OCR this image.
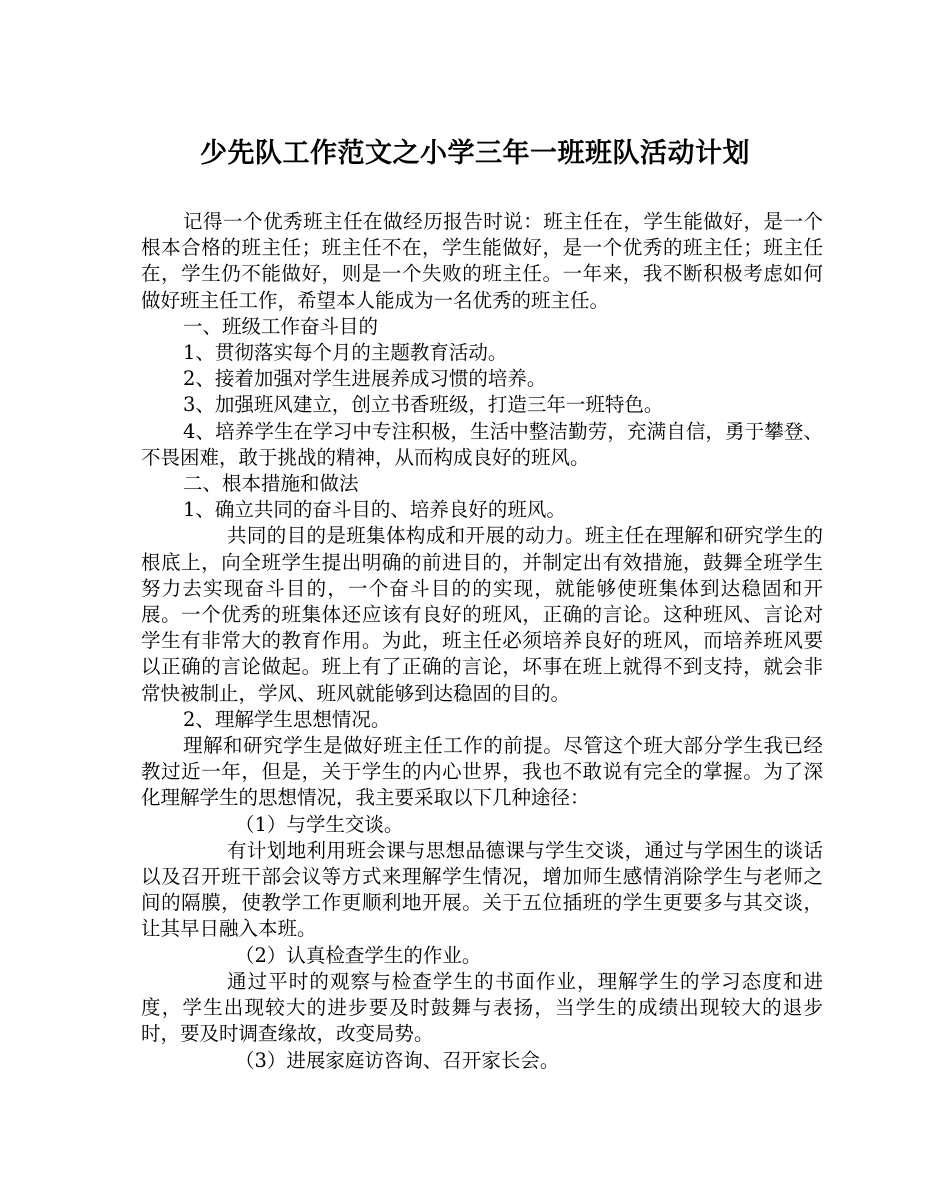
少先队工作范文之小学三年一班班队活动计划

记得一个优秀班主任在做经历报告时说：班主任在，学生能做好，是一个根本合格的班主任；班主任不在，学生能做好，是一个优秀的班主任；班主任在，学生仍不能做好，则是一个失败的班主任。一年来，我不断积极考虑如何做好班主任工作，希望本人能成为一名优秀的班主任。

一、班级工作奋斗目的

1、贯彻落实每个月的主题教育活动。

2、接着加强对学生进展养成习惯的培养。

3、加强班风建立，创立书香班级，打造三年一班特色。

4、培养学生在学习中专注积极，生活中整洁勤劳，充满自信，勇于攀登、不畏困难，敢于挑战的精神，从而构成良好的班风。

二、根本措施和做法

1、确立共同的奋斗目的、培养良好的班风。

共同的目的是班集体构成和开展的动力。班主任在理解和研究学生的根底上，向全班学生提出明确的前进目的，并制定出有效措施，鼓舞全班学生努力去实现奋斗目的，一个奋斗目的的实现，就能够使班集体到达稳固和开展。一个优秀的班集体还应该有良好的班风，正确的言论。这种班风、言论对学生有非常大的教育作用。为此，班主任必须培养良好的班风，而培养班风要以正确的言论做起。班上有了正确的言论，坏事在班上就得不到支持，就会非常快被制止，学风、班风就能够到达稳固的目的。

2、理解学生思想情况。

理解和研究学生是做好班主任工作的前提。尽管这个班大部分学生我已经教过近一年，但是，关于学生的内心世界，我也不敢说有完全的掌握。为了深化理解学生的思想情况，我主要采取以下几种途径：

（1）与学生交谈。

有计划地利用班会课与思想品德课与学生交谈，通过与学困生的谈话以及召开班干部会议等方式来理解学生情况，增加师生感情消除学生与老师之间的隔膜，使教学工作更顺利地开展。关于五位插班的学生更要多与其交谈，让其早日融入本班。

（2）认真检查学生的作业。

通过平时的观察与检查学生的书面作业，理解学生的学习态度和进度，学生出现较大的进步要及时鼓舞与表扬，当学生的成绩出现较大的退步时，要及时调查缘故，改变局势。

（3）进展家庭访咨询、召开家长会。
